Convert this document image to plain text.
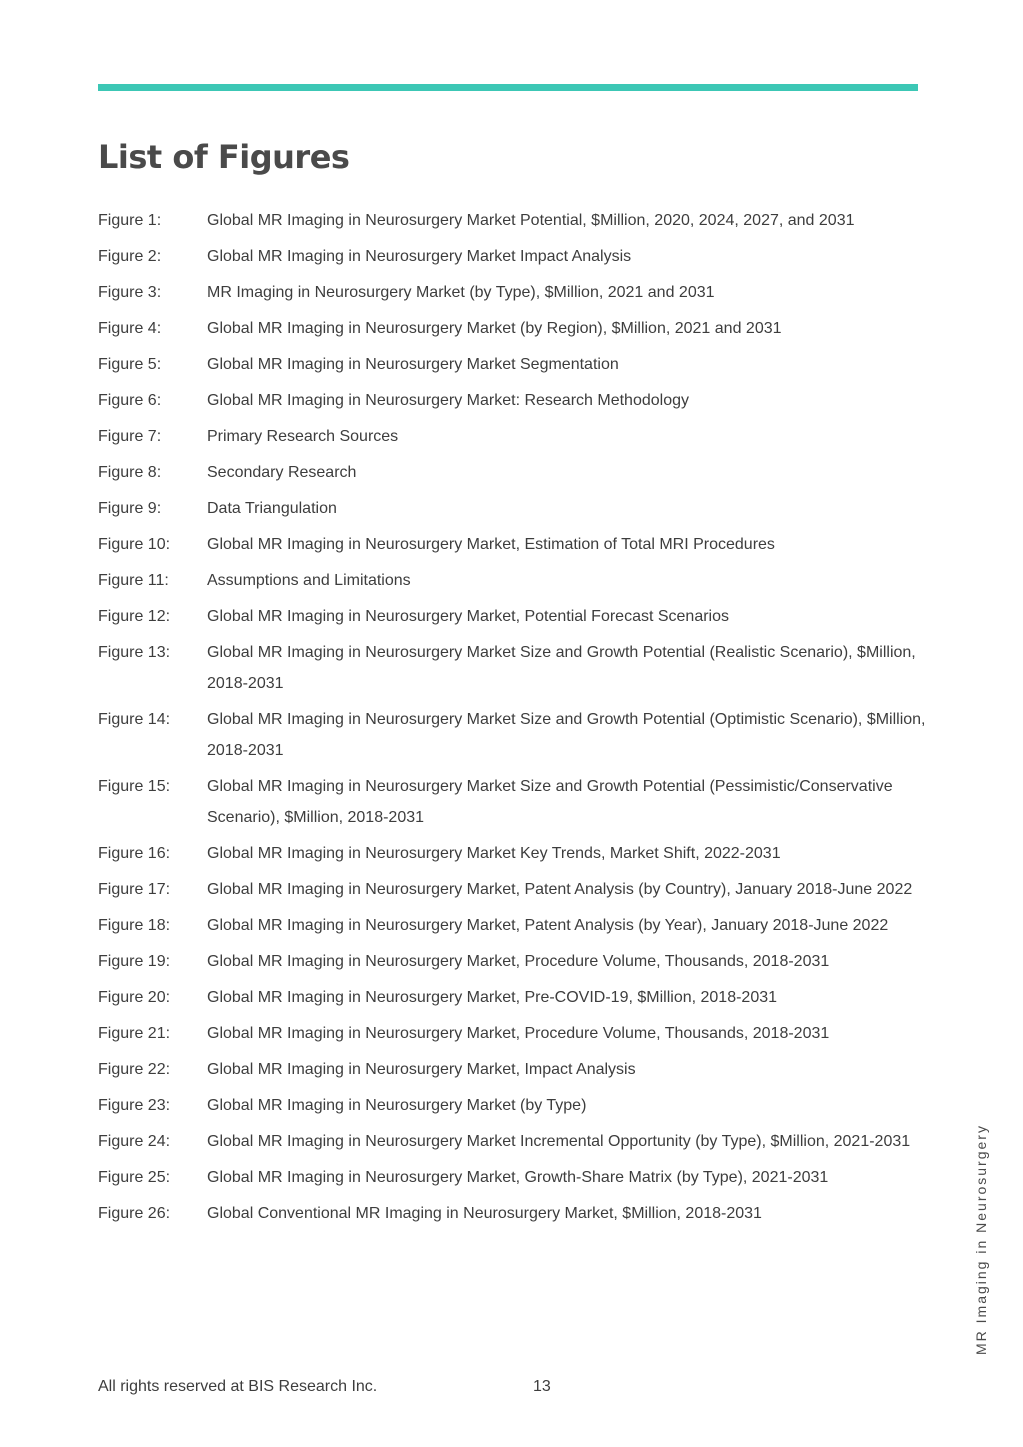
List of Figures
Figure 1:	Global MR Imaging in Neurosurgery Market Potential, $Million, 2020, 2024, 2027, and 2031
Figure 2:	Global MR Imaging in Neurosurgery Market Impact Analysis
Figure 3:	MR Imaging in Neurosurgery Market (by Type), $Million, 2021 and 2031
Figure 4:	Global MR Imaging in Neurosurgery Market (by Region), $Million, 2021 and 2031
Figure 5:	Global MR Imaging in Neurosurgery Market Segmentation
Figure 6:	Global MR Imaging in Neurosurgery Market: Research Methodology
Figure 7:	Primary Research Sources
Figure 8:	Secondary Research
Figure 9:	Data Triangulation
Figure 10:	Global MR Imaging in Neurosurgery Market, Estimation of Total MRI Procedures
Figure 11:	Assumptions and Limitations
Figure 12:	Global MR Imaging in Neurosurgery Market, Potential Forecast Scenarios
Figure 13:	Global MR Imaging in Neurosurgery Market Size and Growth Potential (Realistic Scenario), $Million, 2018-2031
Figure 14:	Global MR Imaging in Neurosurgery Market Size and Growth Potential (Optimistic Scenario), $Million, 2018-2031
Figure 15:	Global MR Imaging in Neurosurgery Market Size and Growth Potential (Pessimistic/Conservative Scenario), $Million, 2018-2031
Figure 16:	Global MR Imaging in Neurosurgery Market Key Trends, Market Shift, 2022-2031
Figure 17:	Global MR Imaging in Neurosurgery Market, Patent Analysis (by Country), January 2018-June 2022
Figure 18:	Global MR Imaging in Neurosurgery Market, Patent Analysis (by Year), January 2018-June 2022
Figure 19:	Global MR Imaging in Neurosurgery Market, Procedure Volume, Thousands, 2018-2031
Figure 20:	Global MR Imaging in Neurosurgery Market, Pre-COVID-19, $Million, 2018-2031
Figure 21:	Global MR Imaging in Neurosurgery Market, Procedure Volume, Thousands, 2018-2031
Figure 22:	Global MR Imaging in Neurosurgery Market, Impact Analysis
Figure 23:	Global MR Imaging in Neurosurgery Market (by Type)
Figure 24:	Global MR Imaging in Neurosurgery Market Incremental Opportunity (by Type), $Million, 2021-2031
Figure 25:	Global MR Imaging in Neurosurgery Market, Growth-Share Matrix (by Type), 2021-2031
Figure 26:	Global Conventional MR Imaging in Neurosurgery Market, $Million, 2018-2031	MR Imaging in Neurosurgery
All rights reserved at BIS Research Inc.	13
